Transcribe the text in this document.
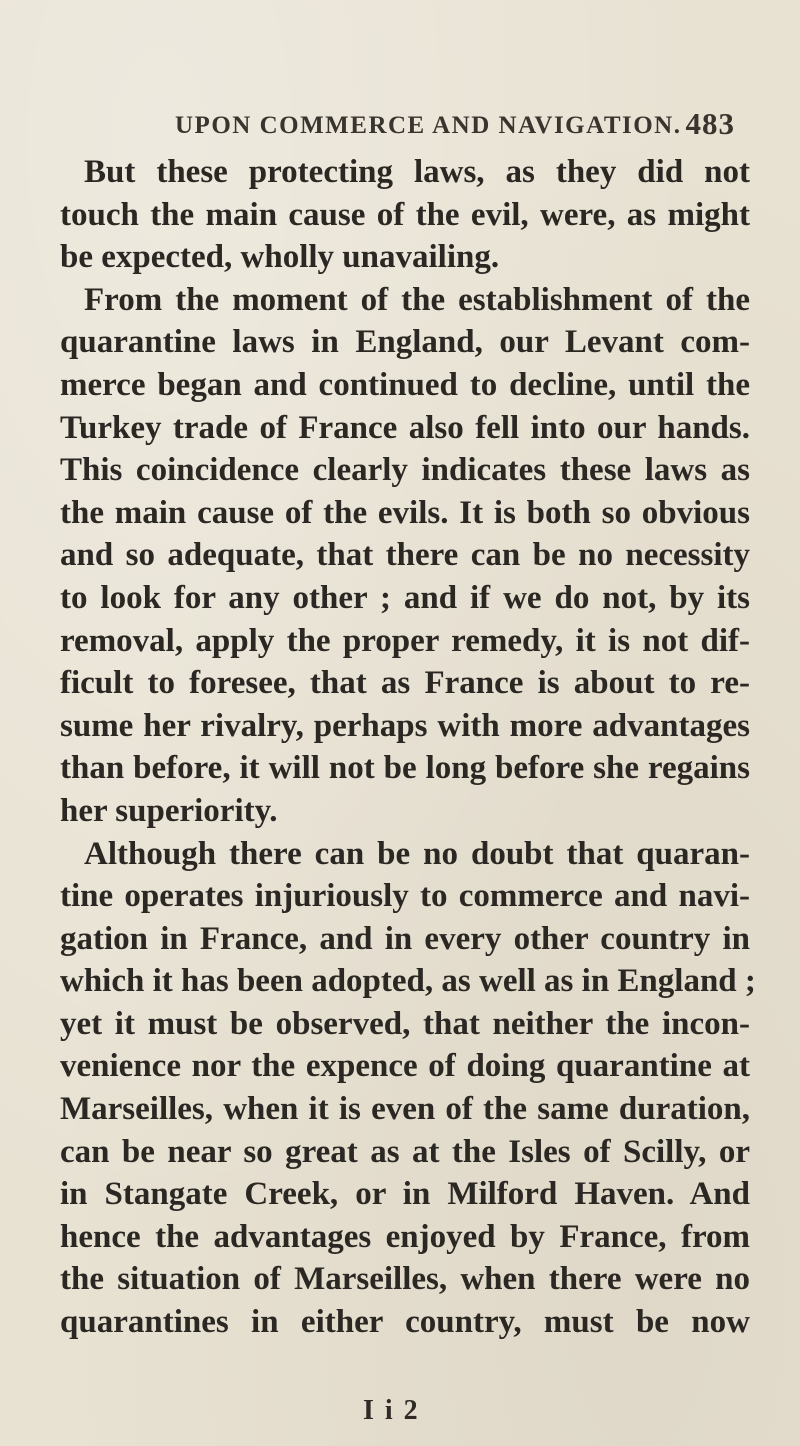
UPON COMMERCE AND NAVIGATION. 483
But these protecting laws, as they did not
touch the main cause of the evil, were, as might
be expected, wholly unavailing.
From the moment of the establishment of the
quarantine laws in England, our Levant com-
merce began and continued to decline, until the
Turkey trade of France also fell into our hands.
This coincidence clearly indicates these laws as
the main cause of the evils. It is both so obvious
and so adequate, that there can be no necessity
to look for any other ; and if we do not, by its
removal, apply the proper remedy, it is not dif-
ficult to foresee, that as France is about to re-
sume her rivalry, perhaps with more advantages
than before, it will not be long before she regains
her superiority.
Although there can be no doubt that quaran-
tine operates injuriously to commerce and navi-
gation in France, and in every other country in
which it has been adopted, as well as in England ;
yet it must be observed, that neither the incon-
venience nor the expence of doing quarantine at
Marseilles, when it is even of the same duration,
can be near so great as at the Isles of Scilly, or
in Stangate Creek, or in Milford Haven. And
hence the advantages enjoyed by France, from
the situation of Marseilles, when there were no
quarantines in either country, must be now
I i 2
